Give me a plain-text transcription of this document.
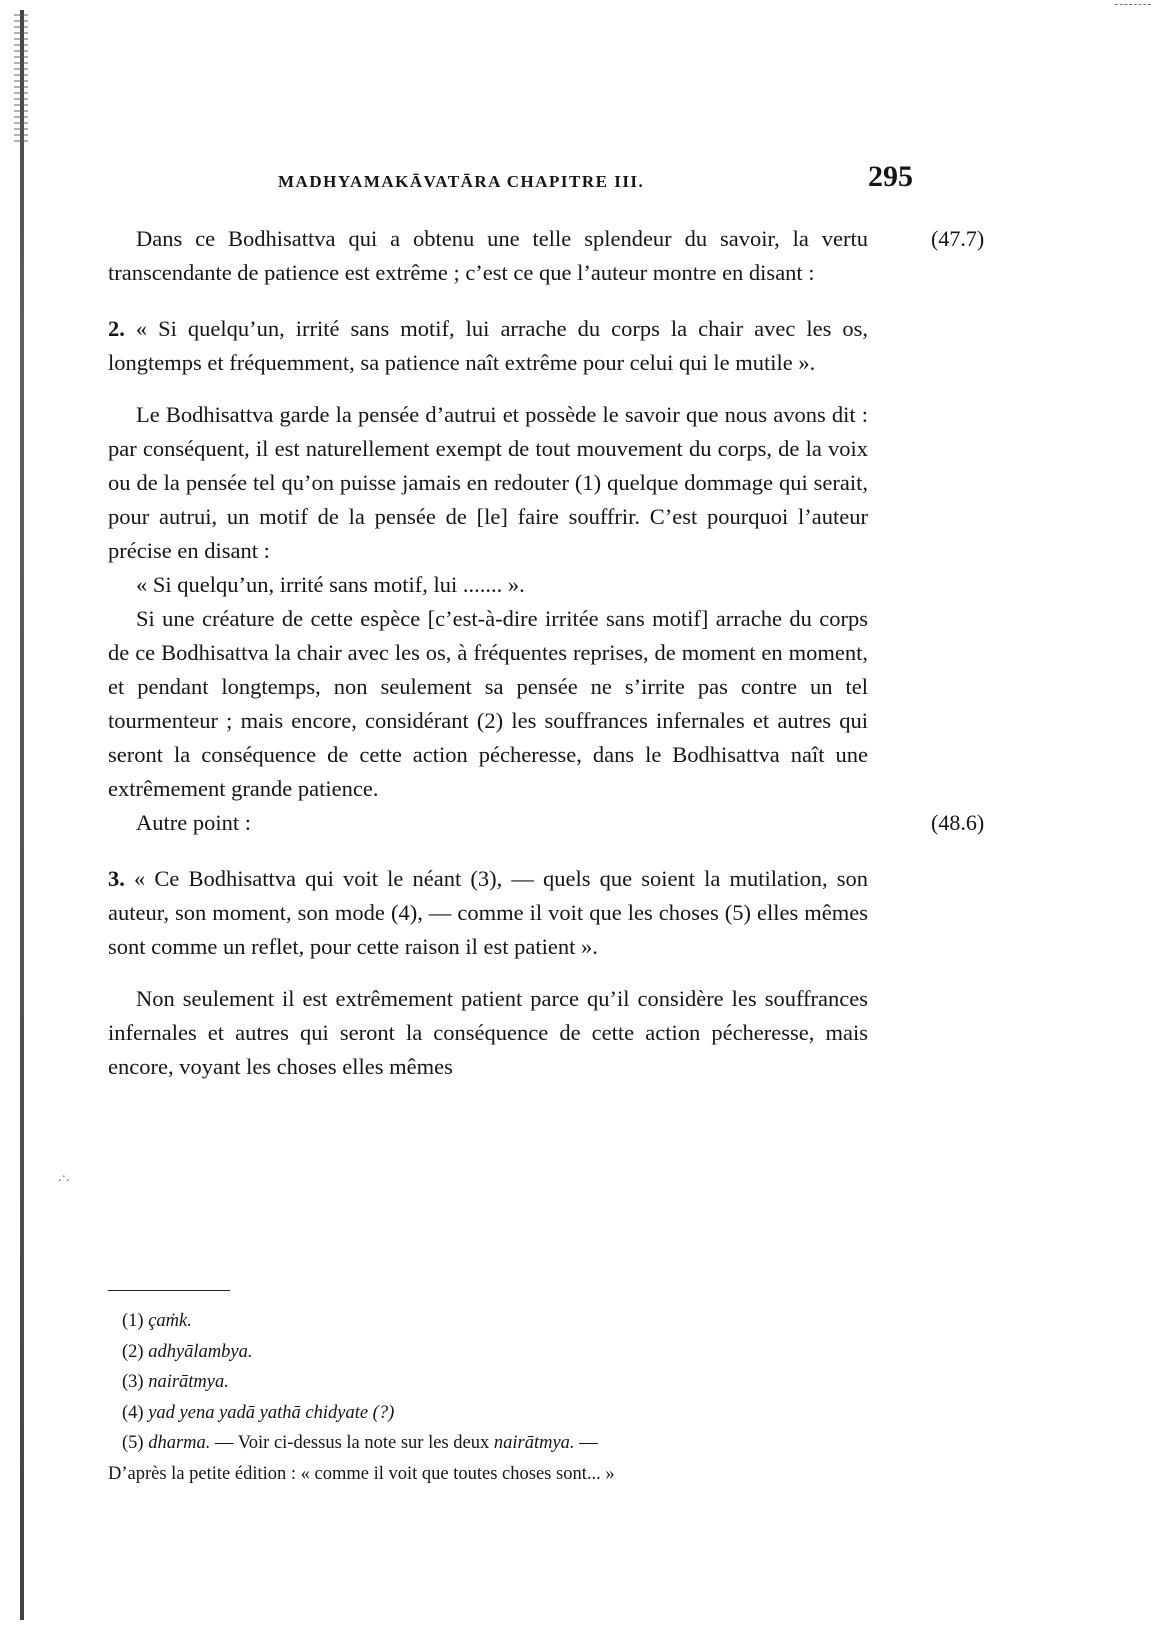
MADHYAMAKĀVATĀRA CHAPITRE III.	295

Dans ce Bodhisattva qui a obtenu une telle splendeur du savoir, la vertu transcendante de patience est extrême ; c’est ce que l’auteur montre en disant :
(47.7)

2. « Si quelqu’un, irrité sans motif, lui arrache du corps la chair avec les os, longtemps et fréquemment, sa patience naît extrême pour celui qui le mutile ».

Le Bodhisattva garde la pensée d’autrui et possède le savoir que nous avons dit : par conséquent, il est naturellement exempt de tout mouvement du corps, de la voix ou de la pensée tel qu’on puisse jamais en redouter (1) quelque dommage qui serait, pour autrui, un motif de la pensée de [le] faire souffrir. C’est pourquoi l’auteur précise en disant :

« Si quelqu’un, irrité sans motif, lui ....... ».

Si une créature de cette espèce [c’est-à-dire irritée sans motif] arrache du corps de ce Bodhisattva la chair avec les os, à fréquentes reprises, de moment en moment, et pendant longtemps, non seulement sa pensée ne s’irrite pas contre un tel tourmenteur ; mais encore, considérant (2) les souffrances infernales et autres qui seront la conséquence de cette action pécheresse, dans le Bodhisattva naît une extrêmement grande patience.

Autre point :	(48.6)

3. « Ce Bodhisattva qui voit le néant (3), — quels que soient la mutilation, son auteur, son moment, son mode (4), — comme il voit que les choses (5) elles mêmes sont comme un reflet, pour cette raison il est patient ».

Non seulement il est extrêmement patient parce qu’il considère les souffrances infernales et autres qui seront la conséquence de cette action pécheresse, mais encore, voyant les choses elles mêmes

.·.
(1) çaṁk.
(2) adhyālambya.
(3) nairātmya.
(4) yad yena yadā yathā chidyate (?)
(5) dharma. — Voir ci-dessus la note sur les deux nairātmya. —
D’après la petite édition : « comme il voit que toutes choses sont... »
